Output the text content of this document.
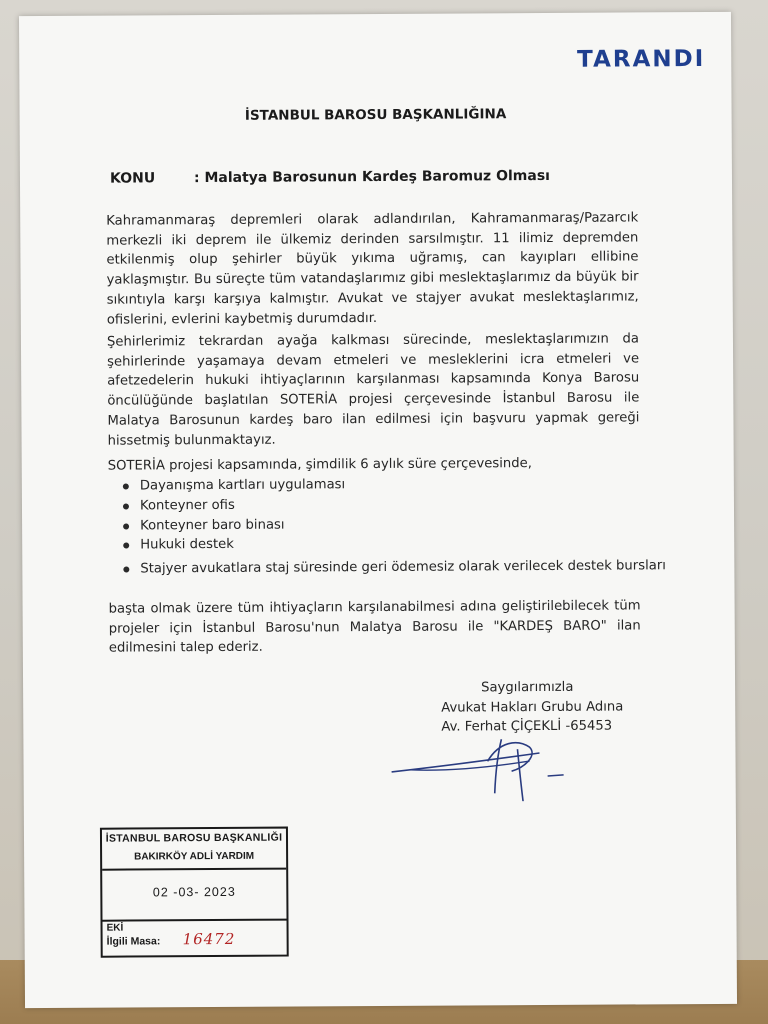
TARANDI
İSTANBUL BAROSU BAŞKANLIĞINA
KONU	: Malatya Barosunun Kardeş Baromuz Olması
Kahramanmaraş depremleri olarak adlandırılan, Kahramanmaraş/Pazarcık merkezli iki deprem ile ülkemiz derinden sarsılmıştır. 11 ilimiz depremden etkilenmiş olup şehirler büyük yıkıma uğramış, can kayıpları ellibine yaklaşmıştır. Bu süreçte tüm vatandaşlarımız gibi meslektaşlarımız da büyük bir sıkıntıyla karşı karşıya kalmıştır. Avukat ve stajyer avukat meslektaşlarımız, ofislerini, evlerini kaybetmiş durumdadır.
Şehirlerimiz tekrardan ayağa kalkması sürecinde, meslektaşlarımızın da şehirlerinde yaşamaya devam etmeleri ve mesleklerini icra etmeleri ve afetzedelerin hukuki ihtiyaçlarının karşılanması kapsamında Konya Barosu öncülüğünde başlatılan SOTERİA projesi çerçevesinde İstanbul Barosu ile Malatya Barosunun kardeş baro ilan edilmesi için başvuru yapmak gereği hissetmiş bulunmaktayız.
SOTERİA projesi kapsamında, şimdilik 6 aylık süre çerçevesinde,
Dayanışma kartları uygulaması
Konteyner ofis
Konteyner baro binası
Hukuki destek
Stajyer avukatlara staj süresinde geri ödemesiz olarak verilecek destek bursları
başta olmak üzere tüm ihtiyaçların karşılanabilmesi adına geliştirilebilecek tüm projeler için İstanbul Barosu'nun Malatya Barosu ile "KARDEŞ BARO" ilan edilmesini talep ederiz.
Saygılarımızla
Avukat Hakları Grubu Adına
Av. Ferhat ÇİÇEKLİ -65453
İSTANBUL BAROSU BAŞKANLIĞI
BAKIRKÖY ADLİ YARDIM
02 -03- 2023
EKİ
İlgili Masa: 16472
